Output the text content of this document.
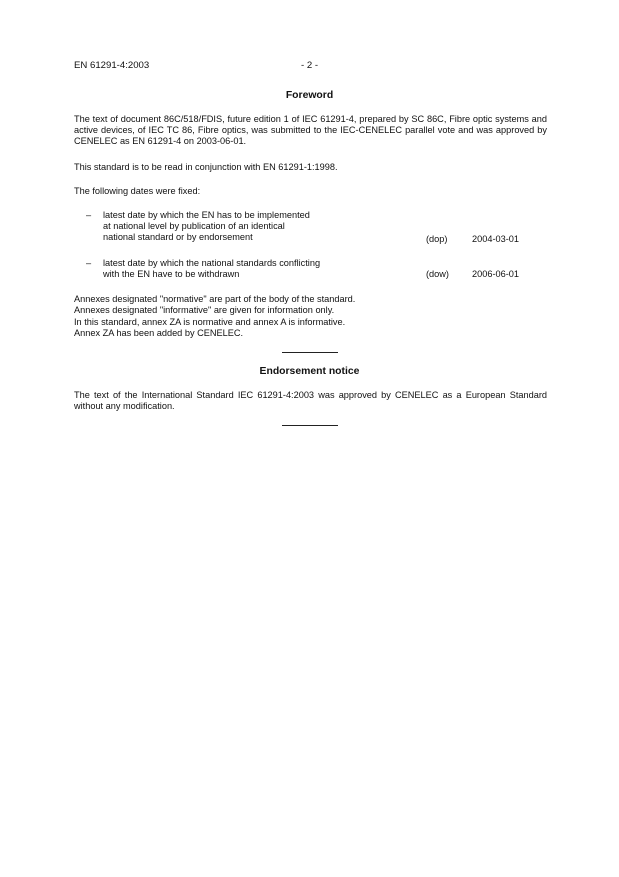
EN 61291-4:2003	- 2 -
Foreword
The text of document 86C/518/FDIS, future edition 1 of IEC 61291-4, prepared by SC 86C, Fibre optic systems and active devices, of IEC TC 86, Fibre optics, was submitted to the IEC-CENELEC parallel vote and was approved by CENELEC as EN 61291-4 on 2003-06-01.
This standard is to be read in conjunction with EN 61291-1:1998.
The following dates were fixed:
– latest date by which the EN has to be implemented
at national level by publication of an identical
national standard or by endorsement	(dop)	2004-03-01
– latest date by which the national standards conflicting
with the EN have to be withdrawn	(dow)	2006-06-01
Annexes designated "normative" are part of the body of the standard.
Annexes designated "informative" are given for information only.
In this standard, annex ZA is normative and annex A is informative.
Annex ZA has been added by CENELEC.
Endorsement notice
The text of the International Standard IEC 61291-4:2003 was approved by CENELEC as a European Standard without any modification.
